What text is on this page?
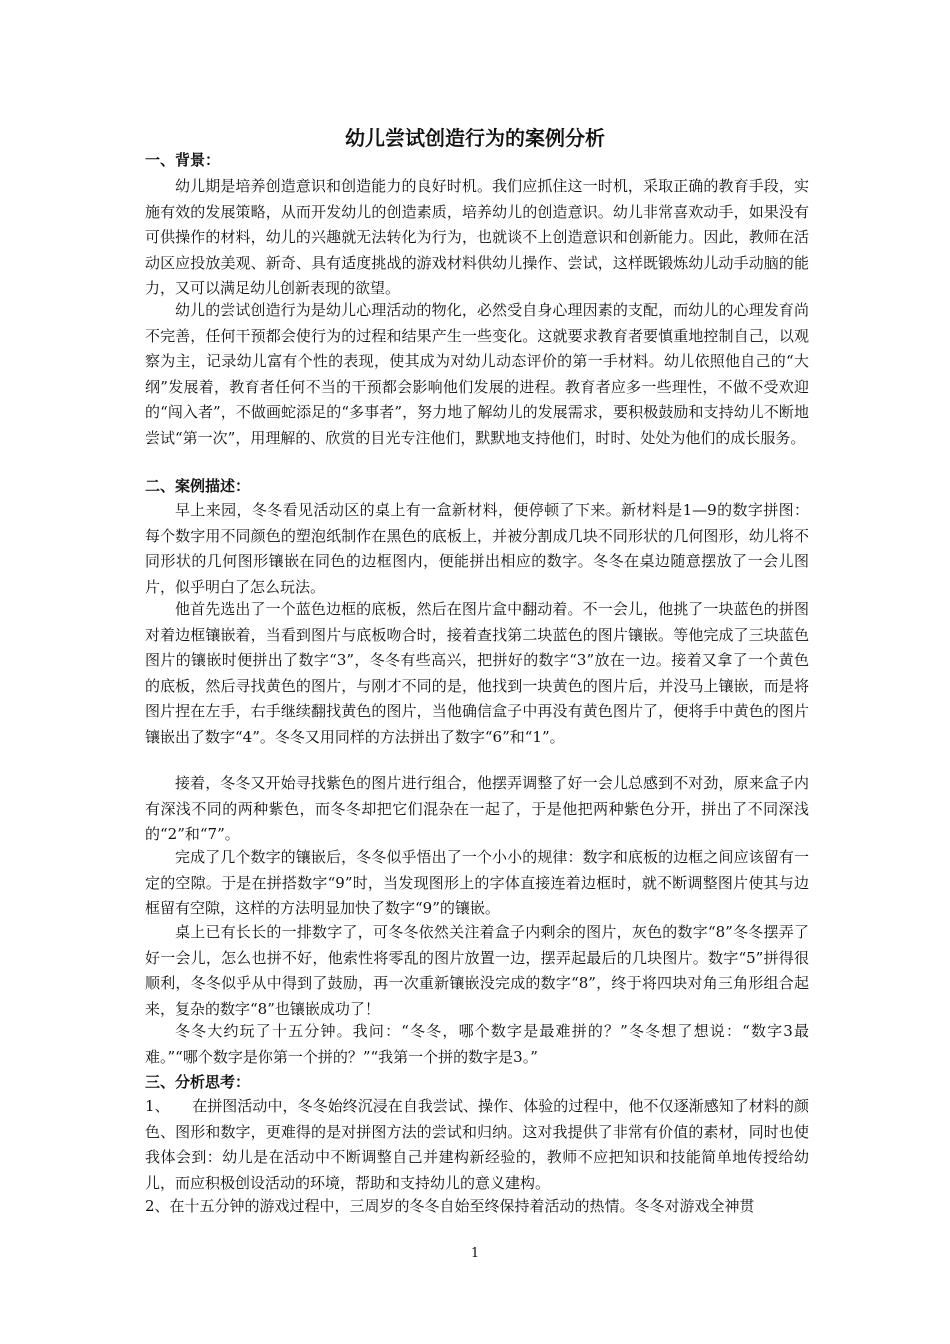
幼儿尝试创造行为的案例分析
一、背景：

幼儿期是培养创造意识和创造能力的良好时机。我们应抓住这一时机，采取正确的教育手段，实施有效的发展策略，从而开发幼儿的创造素质，培养幼儿的创造意识。幼儿非常喜欢动手，如果没有可供操作的材料，幼儿的兴趣就无法转化为行为，也就谈不上创造意识和创新能力。因此，教师在活动区应投放美观、新奇、具有适度挑战的游戏材料供幼儿操作、尝试，这样既锻炼幼儿动手动脑的能力，又可以满足幼儿创新表现的欲望。

幼儿的尝试创造行为是幼儿心理活动的物化，必然受自身心理因素的支配，而幼儿的心理发育尚不完善，任何干预都会使行为的过程和结果产生一些变化。这就要求教育者要慎重地控制自己，以观察为主，记录幼儿富有个性的表现，使其成为对幼儿动态评价的第一手材料。幼儿依照他自己的“大纲”发展着，教育者任何不当的干预都会影响他们发展的进程。教育者应多一些理性，不做不受欢迎的“闯入者”，不做画蛇添足的“多事者”，努力地了解幼儿的发展需求，要积极鼓励和支持幼儿不断地尝试“第一次”，用理解的、欣赏的目光专注他们，默默地支持他们，时时、处处为他们的成长服务。

二、案例描述：

早上来园，冬冬看见活动区的桌上有一盒新材料，便停顿了下来。新材料是1—9的数字拼图：每个数字用不同颜色的塑泡纸制作在黑色的底板上，并被分割成几块不同形状的几何图形，幼儿将不同形状的几何图形镶嵌在同色的边框图内，便能拼出相应的数字。冬冬在桌边随意摆放了一会儿图片，似乎明白了怎么玩法。

他首先选出了一个蓝色边框的底板，然后在图片盒中翻动着。不一会儿，他挑了一块蓝色的拼图对着边框镶嵌着，当看到图片与底板吻合时，接着查找第二块蓝色的图片镶嵌。等他完成了三块蓝色图片的镶嵌时便拼出了数字“3”，冬冬有些高兴，把拼好的数字“3”放在一边。接着又拿了一个黄色的底板，然后寻找黄色的图片，与刚才不同的是，他找到一块黄色的图片后，并没马上镶嵌，而是将图片捏在左手，右手继续翻找黄色的图片，当他确信盒子中再没有黄色图片了，便将手中黄色的图片镶嵌出了数字“4”。冬冬又用同样的方法拼出了数字“6”和“1”。

接着，冬冬又开始寻找紫色的图片进行组合，他摆弄调整了好一会儿总感到不对劲，原来盒子内有深浅不同的两种紫色，而冬冬却把它们混杂在一起了，于是他把两种紫色分开，拼出了不同深浅的“2”和“7”。

完成了几个数字的镶嵌后，冬冬似乎悟出了一个小小的规律：数字和底板的边框之间应该留有一定的空隙。于是在拼搭数字“9”时，当发现图形上的字体直接连着边框时，就不断调整图片使其与边框留有空隙，这样的方法明显加快了数字“9”的镶嵌。

桌上已有长长的一排数字了，可冬冬依然关注着盒子内剩余的图片，灰色的数字“8”冬冬摆弄了好一会儿，怎么也拼不好，他索性将零乱的图片放置一边，摆弄起最后的几块图片。数字“5”拼得很顺利，冬冬似乎从中得到了鼓励，再一次重新镶嵌没完成的数字“8”，终于将四块对角三角形组合起来，复杂的数字“8”也镶嵌成功了！

冬冬大约玩了十五分钟。我问：“冬冬，哪个数字是最难拼的？”冬冬想了想说：“数字3最难。”“哪个数字是你第一个拼的？”“我第一个拼的数字是3。”

三、分析思考：

1、　　在拼图活动中，冬冬始终沉浸在自我尝试、操作、体验的过程中，他不仅逐渐感知了材料的颜色、图形和数字，更难得的是对拼图方法的尝试和归纳。这对我提供了非常有价值的素材，同时也使我体会到：幼儿是在活动中不断调整自己并建构新经验的，教师不应把知识和技能简单地传授给幼儿，而应积极创设活动的环境，帮助和支持幼儿的意义建构。

2、在十五分钟的游戏过程中，三周岁的冬冬自始至终保持着活动的热情。冬冬对游戏全神贯

1
